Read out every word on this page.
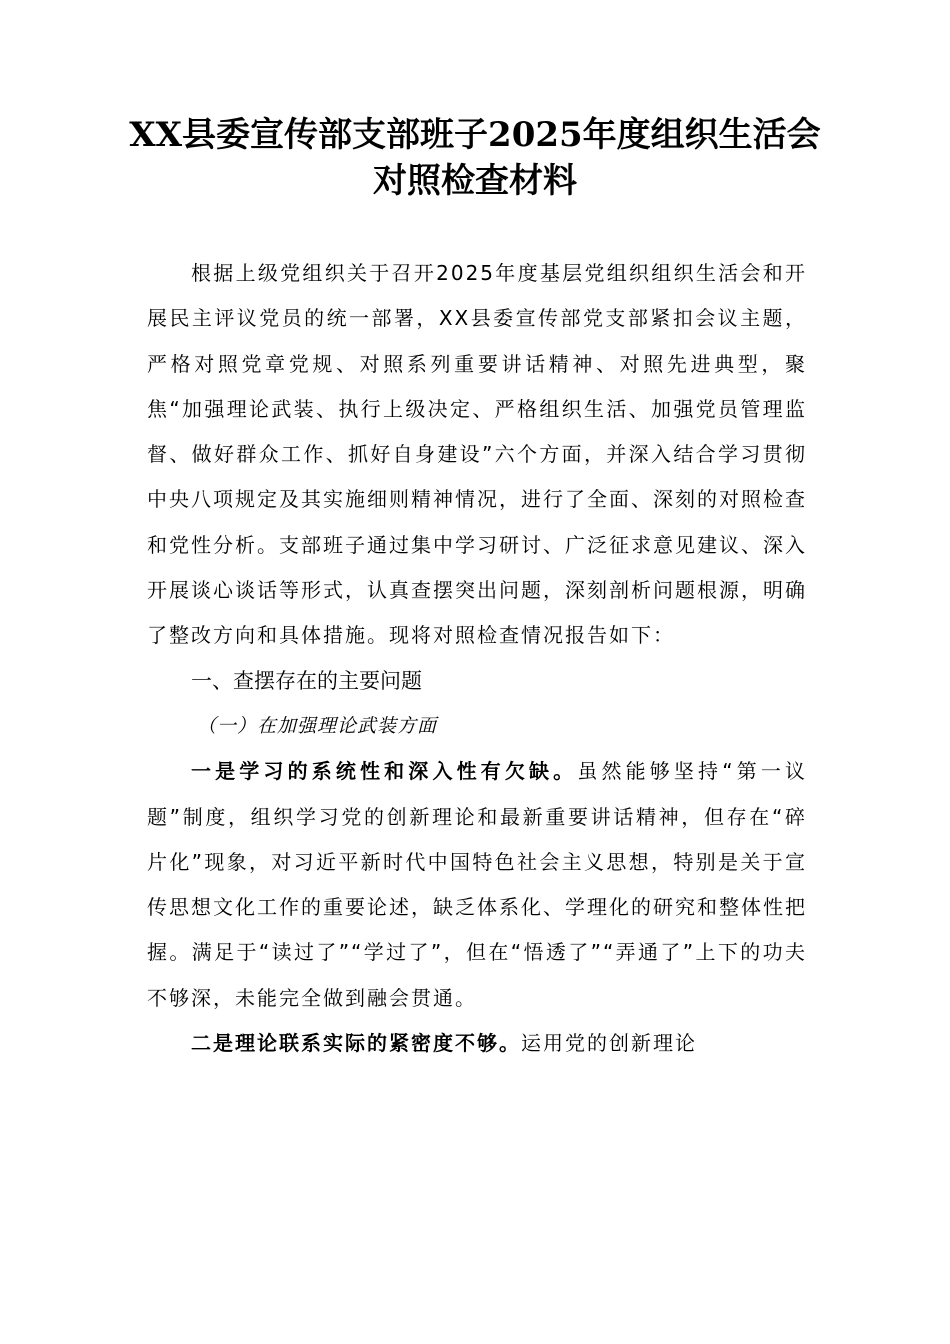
XX县委宣传部支部班子2025年度组织生活会对照检查材料

根据上级党组织关于召开2025年度基层党组织组织生活会和开展民主评议党员的统一部署，XX县委宣传部党支部紧扣会议主题，严格对照党章党规、对照系列重要讲话精神、对照先进典型，聚焦“加强理论武装、执行上级决定、严格组织生活、加强党员管理监督、做好群众工作、抓好自身建设”六个方面，并深入结合学习贯彻中央八项规定及其实施细则精神情况，进行了全面、深刻的对照检查和党性分析。支部班子通过集中学习研讨、广泛征求意见建议、深入开展谈心谈话等形式，认真查摆突出问题，深刻剖析问题根源，明确了整改方向和具体措施。现将对照检查情况报告如下：

一、查摆存在的主要问题

（一）在加强理论武装方面

一是学习的系统性和深入性有欠缺。虽然能够坚持“第一议题”制度，组织学习党的创新理论和最新重要讲话精神，但存在“碎片化”现象，对习近平新时代中国特色社会主义思想，特别是关于宣传思想文化工作的重要论述，缺乏体系化、学理化的研究和整体性把握。满足于“读过了”“学过了”，但在“悟透了”“弄通了”上下的功夫不够深，未能完全做到融会贯通。

二是理论联系实际的紧密度不够。运用党的创新理论
